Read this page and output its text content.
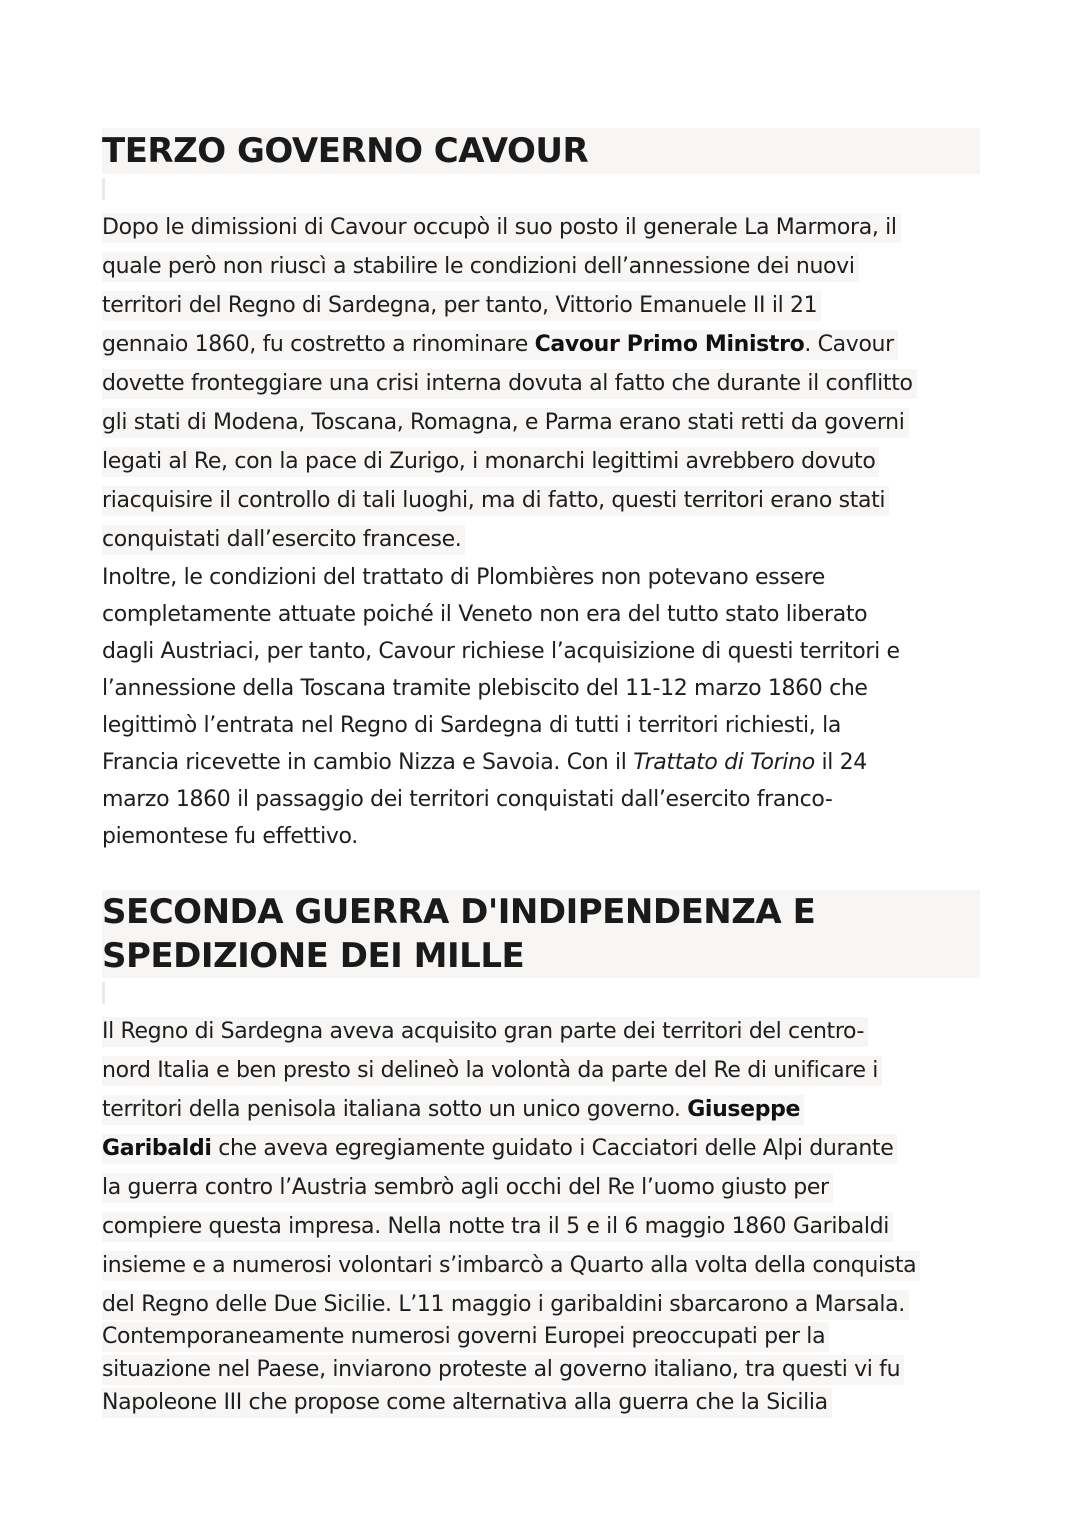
TERZO GOVERNO CAVOUR
Dopo le dimissioni di Cavour occupò il suo posto il generale La Marmora, il
quale però non riuscì a stabilire le condizioni dell’annessione dei nuovi
territori del Regno di Sardegna, per tanto, Vittorio Emanuele II il 21
gennaio 1860, fu costretto a rinominare Cavour Primo Ministro. Cavour
dovette fronteggiare una crisi interna dovuta al fatto che durante il conflitto
gli stati di Modena, Toscana, Romagna, e Parma erano stati retti da governi
legati al Re, con la pace di Zurigo, i monarchi legittimi avrebbero dovuto
riacquisire il controllo di tali luoghi, ma di fatto, questi territori erano stati
conquistati dall’esercito francese.
Inoltre, le condizioni del trattato di Plombières non potevano essere
completamente attuate poiché il Veneto non era del tutto stato liberato
dagli Austriaci, per tanto, Cavour richiese l’acquisizione di questi territori e
l’annessione della Toscana tramite plebiscito del 11-12 marzo 1860 che
legittimò l’entrata nel Regno di Sardegna di tutti i territori richiesti, la
Francia ricevette in cambio Nizza e Savoia. Con il Trattato di Torino il 24
marzo 1860 il passaggio dei territori conquistati dall’esercito franco-
piemontese fu effettivo.
SECONDA GUERRA D'INDIPENDENZA E
SPEDIZIONE DEI MILLE
Il Regno di Sardegna aveva acquisito gran parte dei territori del centro-
nord Italia e ben presto si delineò la volontà da parte del Re di unificare i
territori della penisola italiana sotto un unico governo. Giuseppe
Garibaldi che aveva egregiamente guidato i Cacciatori delle Alpi durante
la guerra contro l’Austria sembrò agli occhi del Re l’uomo giusto per
compiere questa impresa. Nella notte tra il 5 e il 6 maggio 1860 Garibaldi
insieme e a numerosi volontari s’imbarcò a Quarto alla volta della conquista
del Regno delle Due Sicilie. L’11 maggio i garibaldini sbarcarono a Marsala.
Contemporaneamente numerosi governi Europei preoccupati per la
situazione nel Paese, inviarono proteste al governo italiano, tra questi vi fu
Napoleone III che propose come alternativa alla guerra che la Sicilia
